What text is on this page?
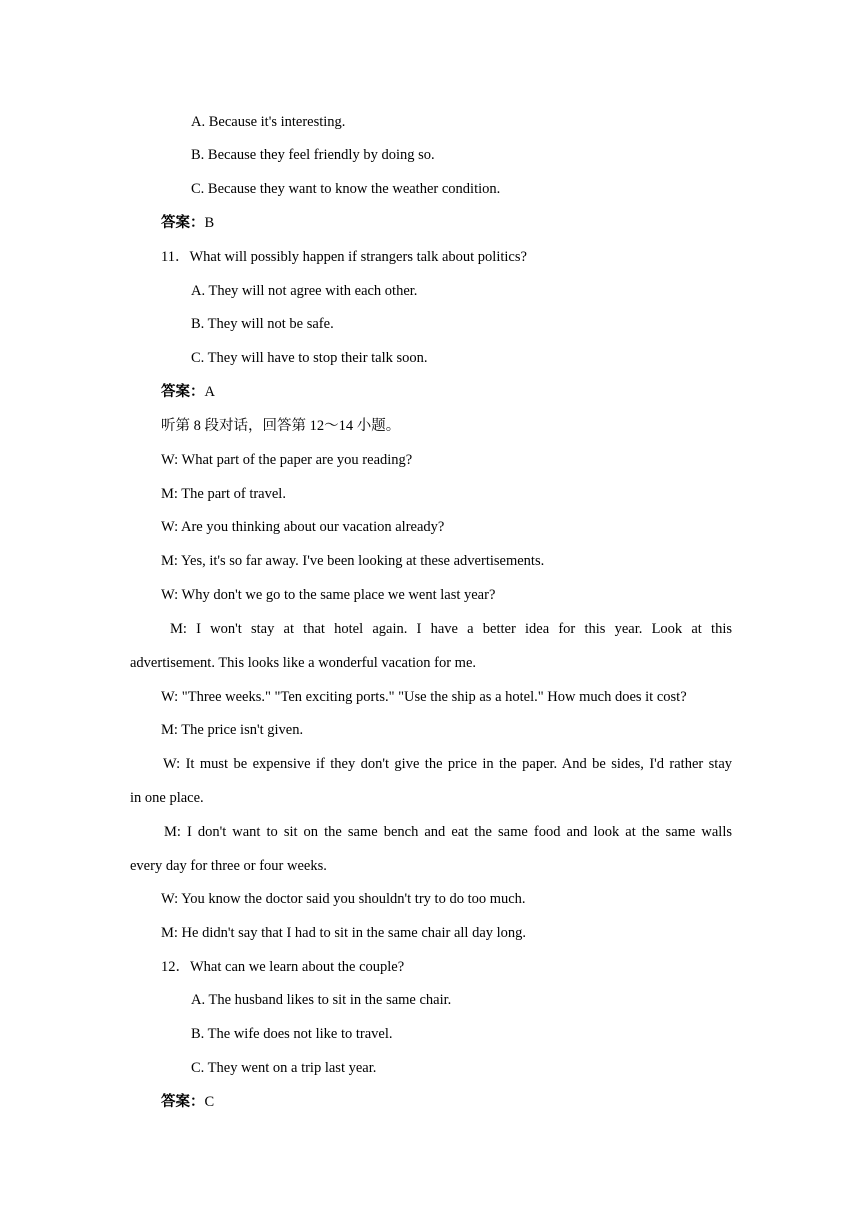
A. Because it's interesting.
B. Because they feel friendly by doing so.
C. Because they want to know the weather condition.
答案：B
11．What will possibly happen if strangers talk about politics?
A. They will not agree with each other.
B. They will not be safe.
C. They will have to stop their talk soon.
答案：A
听第 8 段对话，回答第 12～14 小题。
W: What part of the paper are you reading?
M: The part of travel.
W: Are you thinking about our vacation already?
M: Yes, it's so far away. I've been looking at these advertisements.
W: Why don't we go to the same place we went last year?
M: I won't stay at that hotel again. I have a better idea for this year. Look at this
advertisement. This looks like a wonderful vacation for me.
W: "Three weeks." "Ten exciting ports." "Use the ship as a hotel." How much does it cost?
M: The price isn't given.
W: It must be expensive if they don't give the price in the paper. And be sides, I'd rather stay
in one place.
M: I don't want to sit on the same bench and eat the same food and look at the same walls
every day for three or four weeks.
W: You know the doctor said you shouldn't try to do too much.
M: He didn't say that I had to sit in the same chair all day long.
12．What can we learn about the couple?
A. The husband likes to sit in the same chair.
B. The wife does not like to travel.
C. They went on a trip last year.
答案：C
